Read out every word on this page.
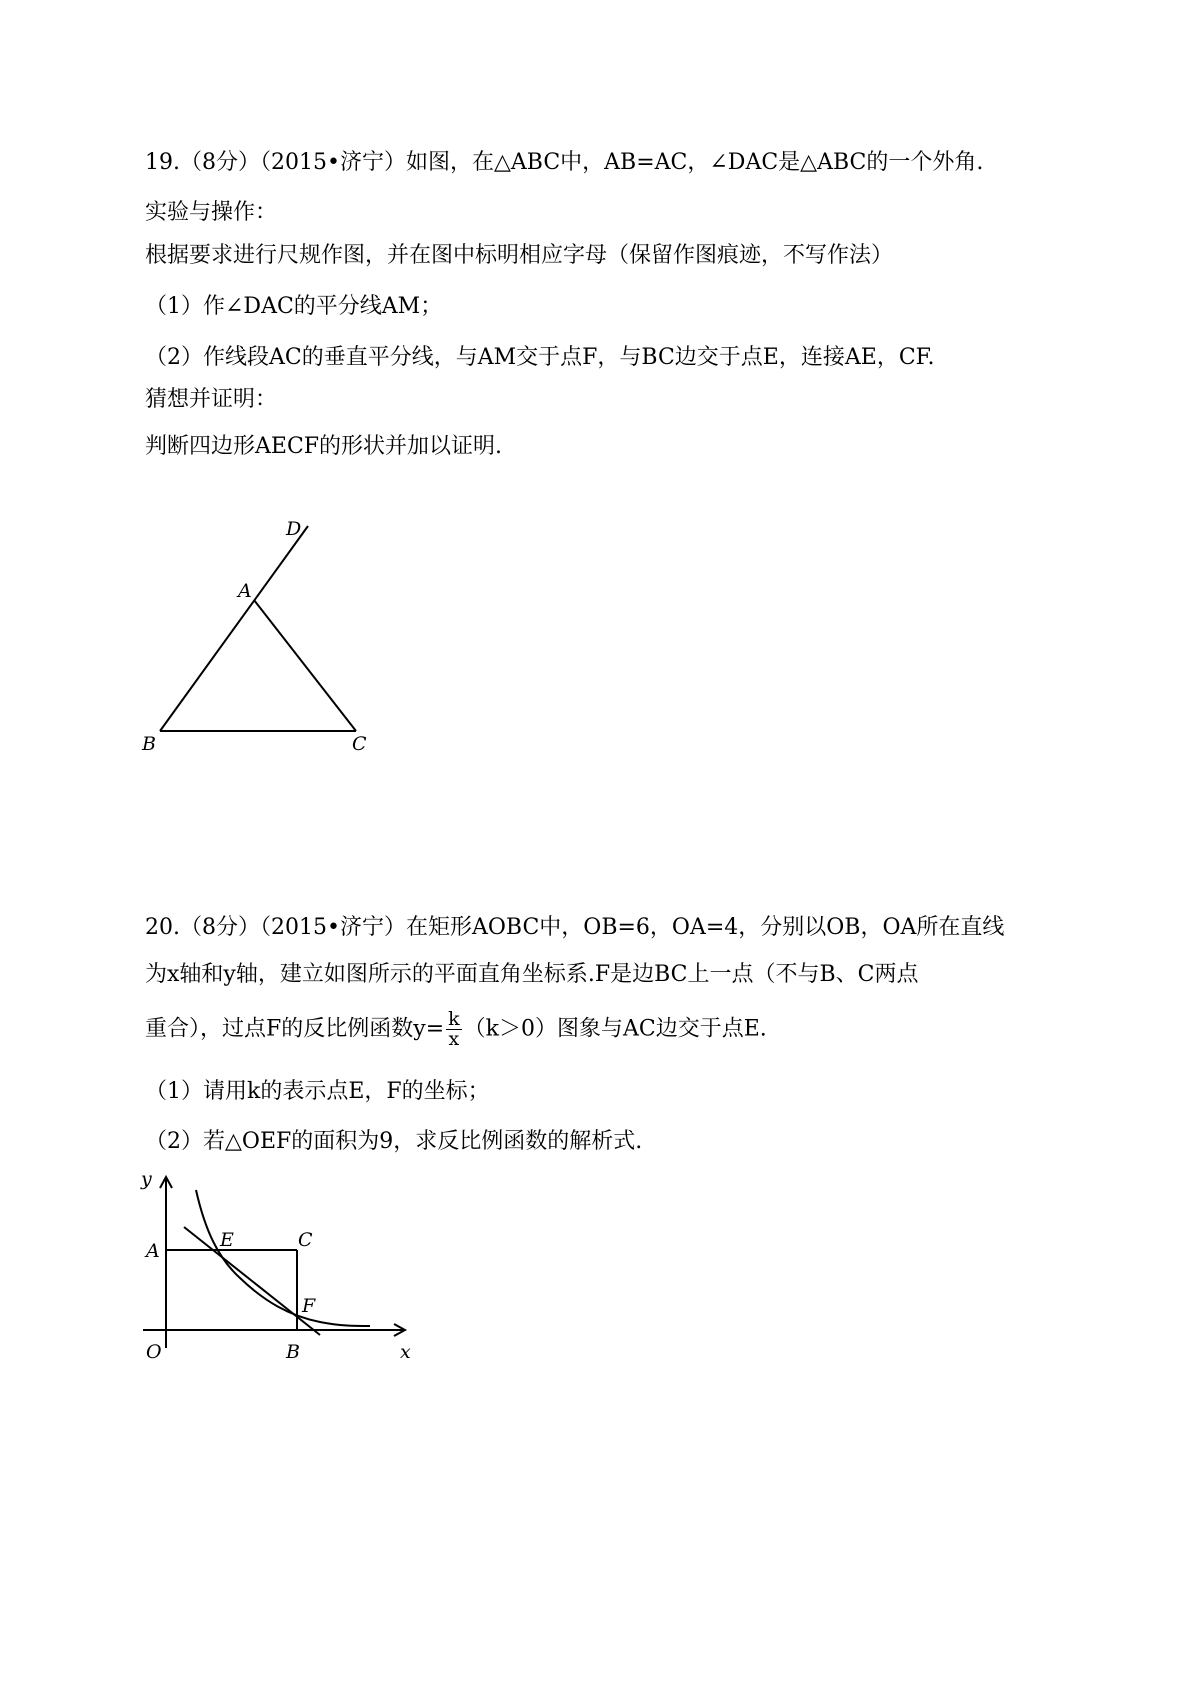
19.（8分）（2015•济宁）如图，在△ABC中，AB=AC，∠DAC是△ABC的一个外角.
实验与操作：
根据要求进行尺规作图，并在图中标明相应字母（保留作图痕迹，不写作法）
（1）作∠DAC的平分线AM；
（2）作线段AC的垂直平分线，与AM交于点F，与BC边交于点E，连接AE，CF.
猜想并证明：
判断四边形AECF的形状并加以证明.
D
A
B	C
20.（8分）（2015•济宁）在矩形AOBC中，OB=6，OA=4，分别以OB，OA所在直线
为x轴和y轴，建立如图所示的平面直角坐标系.F是边BC上一点（不与B、C两点
重合），过点F的反比例函数$y= \frac{k}{x} (k>0)$图象与AC边交于点E.
（1）请用k的表示点E，F的坐标；
（2）若△OEF的面积为9，求反比例函数的解析式.
y
A	E	C
F
O	B	x
